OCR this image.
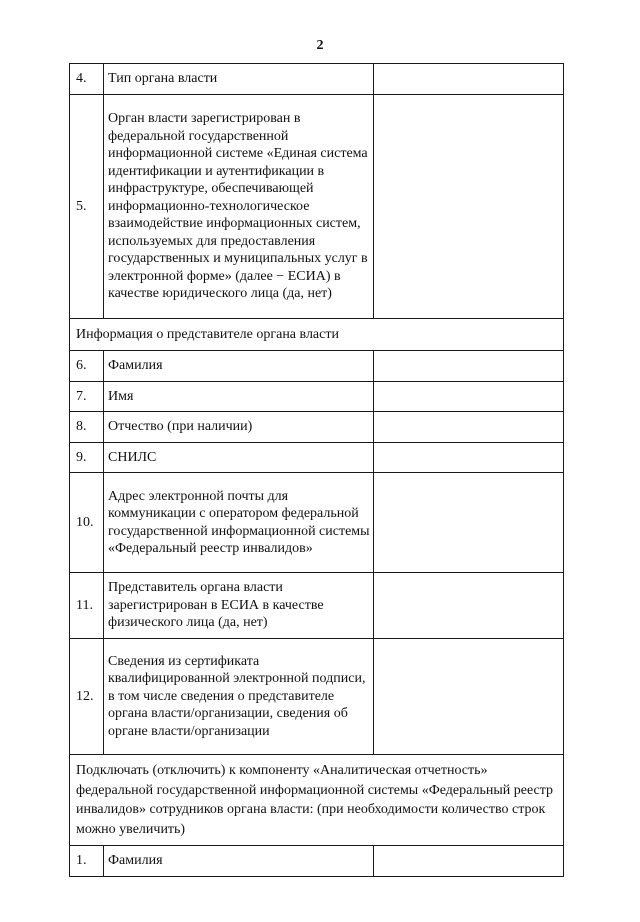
2
4.	Тип органа власти	
5.	Орган власти зарегистрирован в федеральной государственной информационной системе «Единая система идентификации и аутентификации в инфраструктуре, обеспечивающей информационно-технологическое взаимодействие информационных систем, используемых для предоставления государственных и муниципальных услуг в электронной форме» (далее − ЕСИА) в качестве юридического лица (да, нет)	
Информация о представителе органа власти		
6.	Фамилия	
7.	Имя	
8.	Отчество (при наличии)	
9.	СНИЛС	
10.	Адрес электронной почты для коммуникации с оператором федеральной государственной информационной системы «Федеральный реестр инвалидов»	
11.	Представитель органа власти зарегистрирован в ЕСИА в качестве физического лица (да, нет)	
12.	Сведения из сертификата квалифицированной электронной подписи, в том числе сведения о представителе органа власти/организации, сведения об органе власти/организации	
Подключать (отключить) к компоненту «Аналитическая отчетность» федеральной государственной информационной системы «Федеральный реестр инвалидов» сотрудников органа власти: (при необходимости количество строк можно увеличить)		
1.	Фамилия	
